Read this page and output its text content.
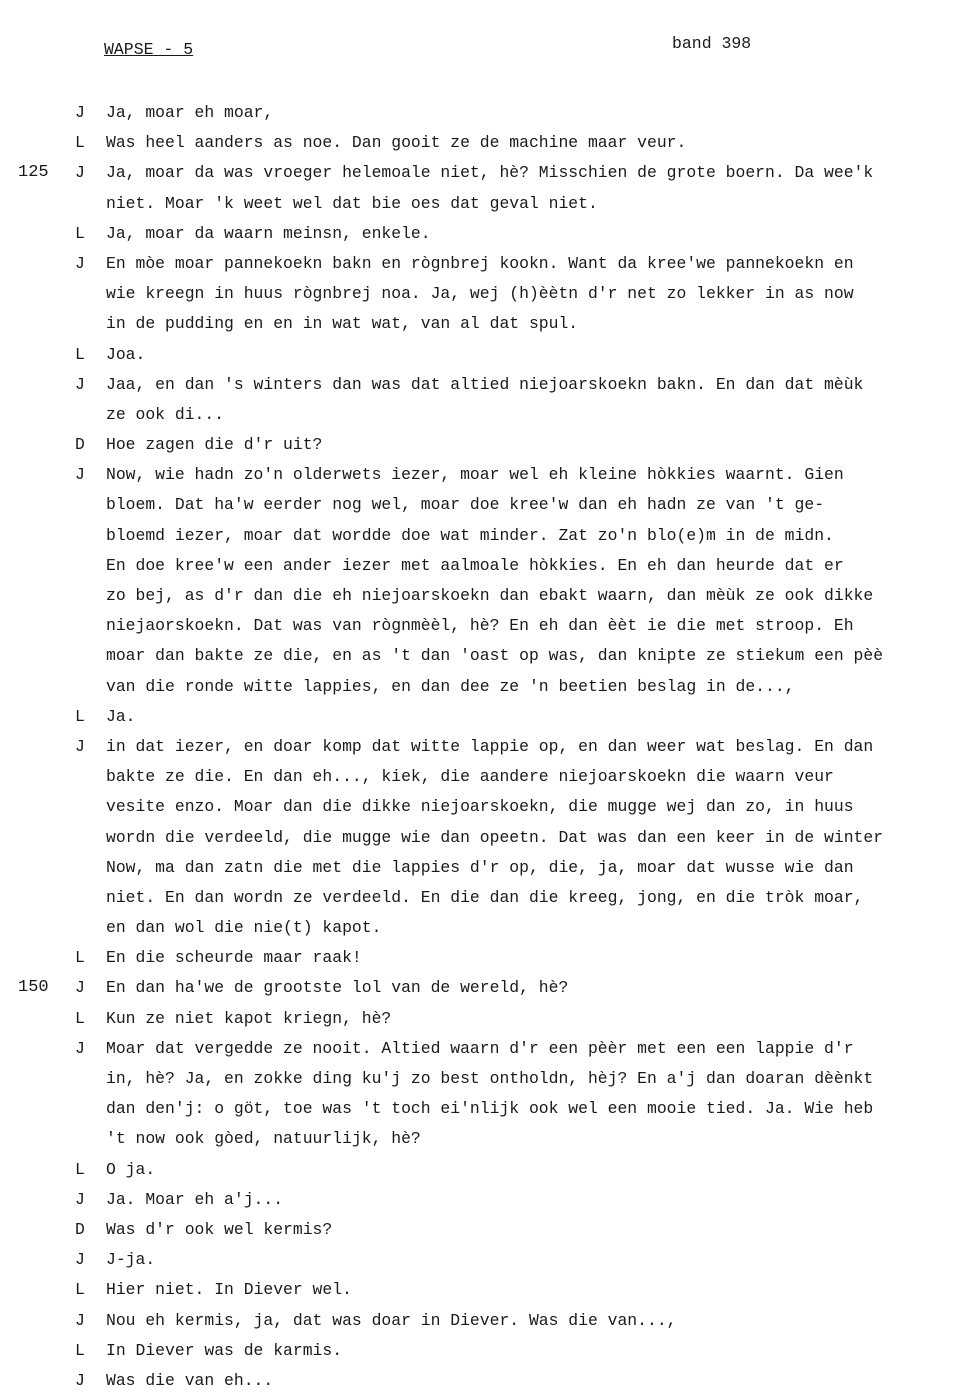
WAPSE - 5	band 398
J Ja, moar eh moar,
L Was heel aanders as noe. Dan gooit ze de machine maar veur.
125 J Ja, moar da was vroeger helemoale niet, hè? Misschien de grote boern. Da wee'k
niet. Moar 'k weet wel dat bie oes dat geval niet.
L Ja, moar da waarn meinsn, enkele.
J En mòe moar pannekoekn bakn en rògnbrej kookn. Want da kree'we pannekoekn en
wie kreegn in huus rògnbrej noa. Ja, wej (h)èètn d'r net zo lekker in as now
in de pudding en en in wat wat, van al dat spul.
L Joa.
J Jaa, en dan 's winters dan was dat altied niejoarskoekn bakn. En dan dat mèùk
ze ook di...
D Hoe zagen die d'r uit?
J Now, wie hadn zo'n olderwets iezer, moar wel eh kleine hòkkies waarnt. Gien
bloem. Dat ha'w eerder nog wel, moar doe kree'w dan eh hadn ze van 't ge-
bloemd iezer, moar dat wordde doe wat minder. Zat zo'n blo(e)m in de midn.
En doe kree'w een ander iezer met aalmoale hòkkies. En eh dan heurde dat er
zo bej, as d'r dan die eh niejoarskoekn dan ebakt waarn, dan mèùk ze ook dikke
niejaorskoekn. Dat was van rògnmèèl, hè? En eh dan èèt ie die met stroop. Eh
moar dan bakte ze die, en as 't dan 'oast op was, dan knipte ze stiekum een pèè
van die ronde witte lappies, en dan dee ze 'n beetien beslag in de...,
L Ja.
J in dat iezer, en doar komp dat witte lappie op, en dan weer wat beslag. En dan
bakte ze die. En dan eh..., kiek, die aandere niejoarskoekn die waarn veur
vesite enzo. Moar dan die dikke niejoarskoekn, die mugge wej dan zo, in huus
wordn die verdeeld, die mugge wie dan opeetn. Dat was dan een keer in de winter
Now, ma dan zatn die met die lappies d'r op, die, ja, moar dat wusse wie dan
niet. En dan wordn ze verdeeld. En die dan die kreeg, jong, en die tròk moar,
en dan wol die nie(t) kapot.
L En die scheurde maar raak!
150 J En dan ha'we de grootste lol van de wereld, hè?
L Kun ze niet kapot kriegn, hè?
J Moar dat vergedde ze nooit. Altied waarn d'r een pèèr met een een lappie d'r
in, hè? Ja, en zokke ding ku'j zo best ontholdn, hèj? En a'j dan doaran dèènkt
dan den'j: o göt, toe was 't toch ei'nlijk ook wel een mooie tied. Ja. Wie heb
't now ook gòed, natuurlijk, hè?
L O ja.
J Ja. Moar eh a'j...
D Was d'r ook wel kermis?
J J-ja.
L Hier niet. In Diever wel.
J Nou eh kermis, ja, dat was doar in Diever. Was die van...,
L In Diever was de karmis.
J Was die van eh...
